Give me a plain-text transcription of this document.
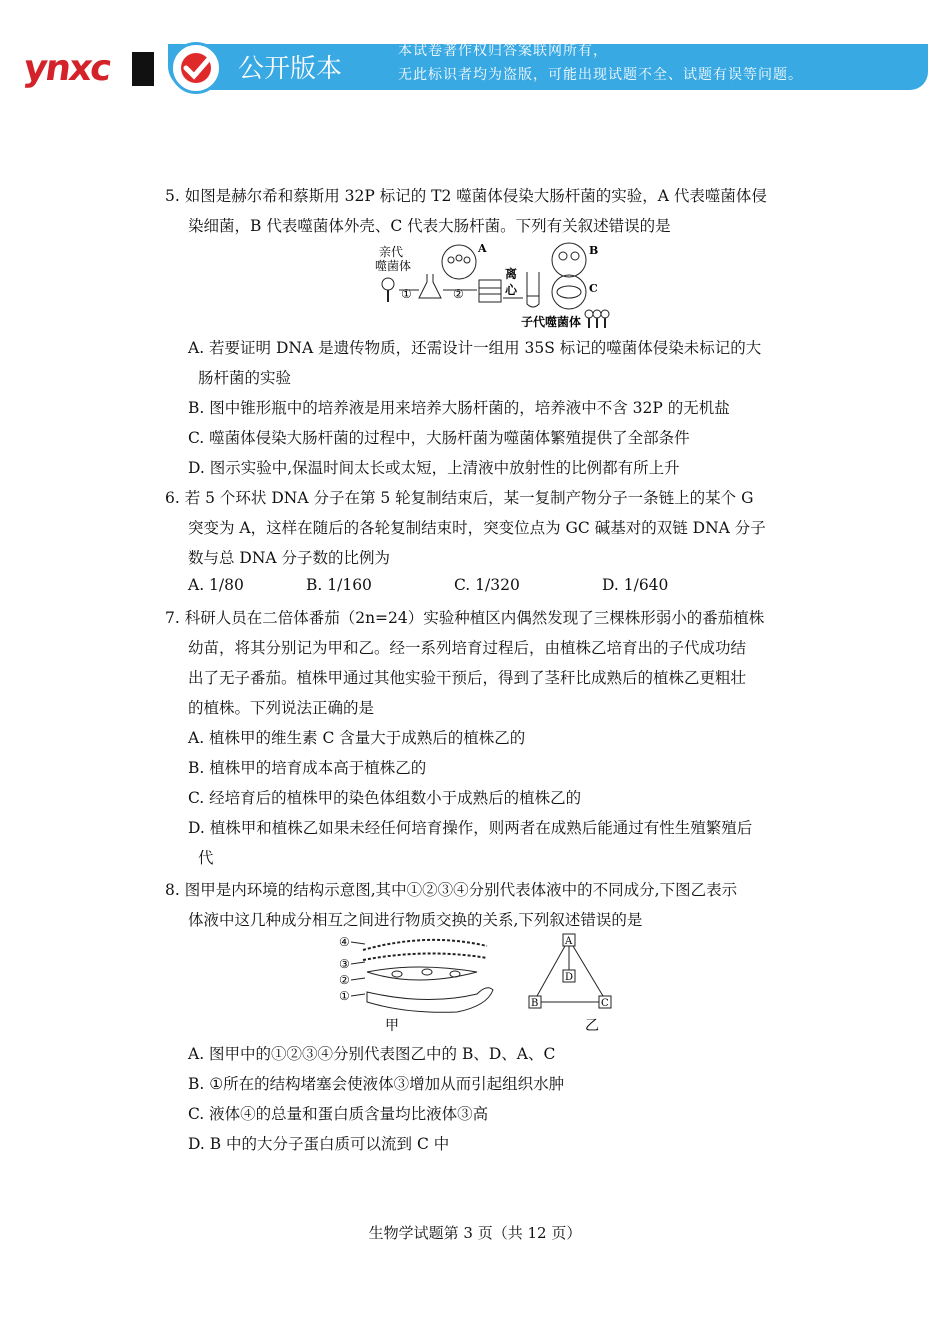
ynxc	公开版本
本试卷著作权归答案联网所有，
无此标识者均为盗版，可能出现试题不全、试题有误等问题。
5. 如图是赫尔希和蔡斯用 32P 标记的 T2 噬菌体侵染大肠杆菌的实验，A 代表噬菌体侵
染细菌，B 代表噬菌体外壳、C 代表大肠杆菌。下列有关叙述错误的是
亲代
噬菌体
①	②
A
离
心
B
C
子代噬菌体
A. 若要证明 DNA 是遗传物质，还需设计一组用 35S 标记的噬菌体侵染未标记的大
肠杆菌的实验
B. 图中锥形瓶中的培养液是用来培养大肠杆菌的，培养液中不含 32P 的无机盐
C. 噬菌体侵染大肠杆菌的过程中，大肠杆菌为噬菌体繁殖提供了全部条件
D. 图示实验中,保温时间太长或太短，上清液中放射性的比例都有所上升
6. 若 5 个环状 DNA 分子在第 5 轮复制结束后，某一复制产物分子一条链上的某个 G
突变为 A，这样在随后的各轮复制结束时，突变位点为 GC 碱基对的双链 DNA 分子
数与总 DNA 分子数的比例为
A. 1/80	B. 1/160	C. 1/320	D. 1/640
7. 科研人员在二倍体番茄（2n=24）实验种植区内偶然发现了三棵株形弱小的番茄植株
幼苗，将其分别记为甲和乙。经一系列培育过程后，由植株乙培育出的子代成功结
出了无子番茄。植株甲通过其他实验干预后，得到了茎秆比成熟后的植株乙更粗壮
的植株。下列说法正确的是
A. 植株甲的维生素 C 含量大于成熟后的植株乙的
B. 植株甲的培育成本高于植株乙的
C. 经培育后的植株甲的染色体组数小于成熟后的植株乙的
D. 植株甲和植株乙如果未经任何培育操作，则两者在成熟后能通过有性生殖繁殖后
代
8. 图甲是内环境的结构示意图,其中①②③④分别代表体液中的不同成分,下图乙表示
体液中这几种成分相互之间进行物质交换的关系,下列叙述错误的是
④
③
②
①
甲
A
D
B	C
乙
A. 图甲中的①②③④分别代表图乙中的 B、D、A、C
B. ①所在的结构堵塞会使液体③增加从而引起组织水肿
C. 液体④的总量和蛋白质含量均比液体③高
D. B 中的大分子蛋白质可以流到 C 中
生物学试题第 3 页（共 12 页）
